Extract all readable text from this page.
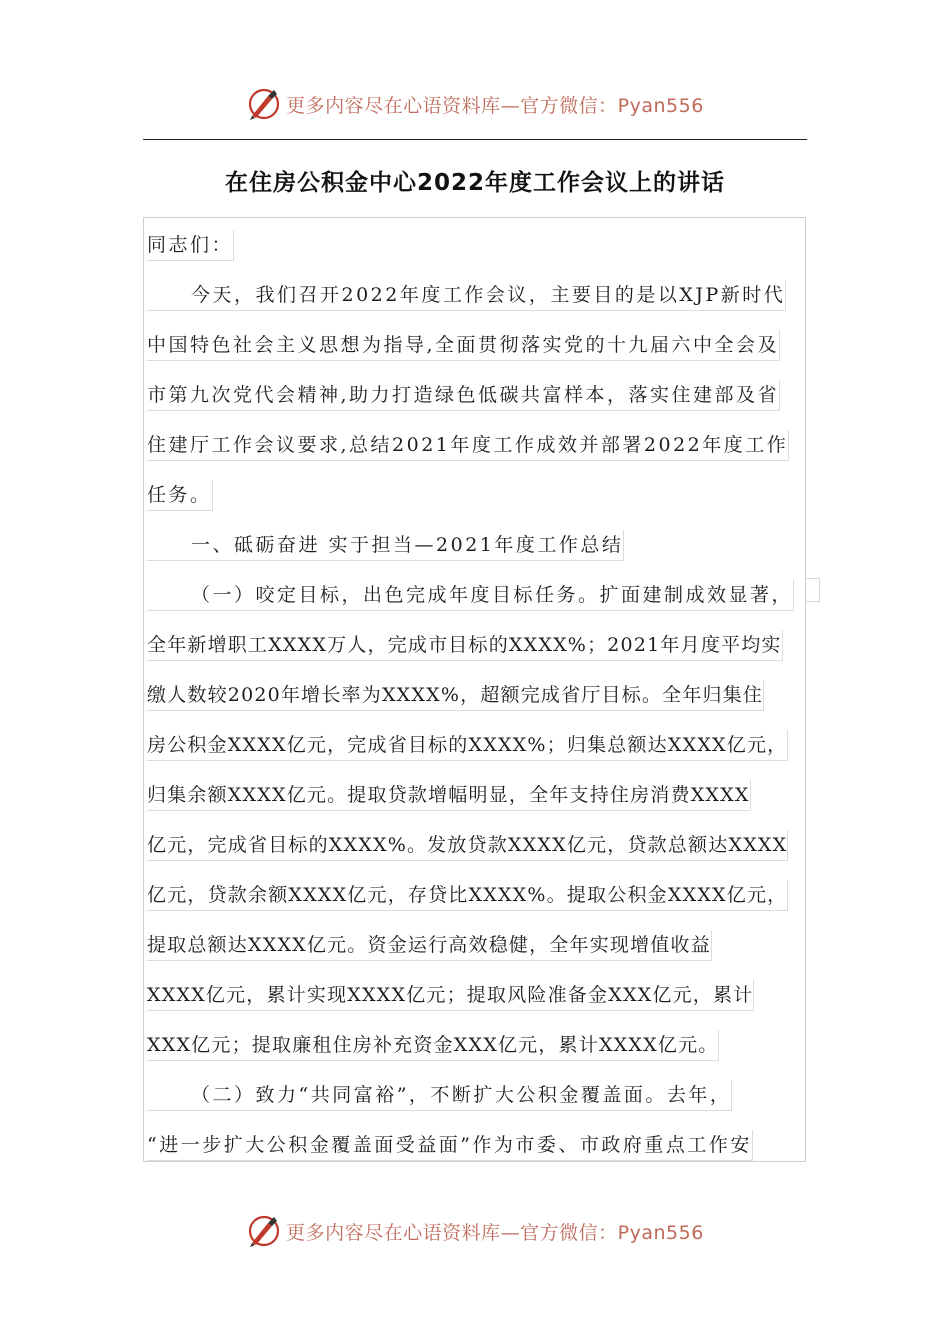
更多内容尽在心语资料库—官方微信：Pyan556
在住房公积金中心2022年度工作会议上的讲话
同志们：
今天，我们召开2022年度工作会议，主要目的是以XJP新时代
中国特色社会主义思想为指导,全面贯彻落实党的十九届六中全会及
市第九次党代会精神,助力打造绿色低碳共富样本，落实住建部及省
住建厅工作会议要求,总结2021年度工作成效并部署2022年度工作
任务。
一、砥砺奋进 实于担当—2021年度工作总结
（一）咬定目标，出色完成年度目标任务。扩面建制成效显著，
全年新增职工XXXX万人，完成市目标的XXXX%；2021年月度平均实
缴人数较2020年增长率为XXXX%，超额完成省厅目标。全年归集住
房公积金XXXX亿元，完成省目标的XXXX%；归集总额达XXXX亿元，
归集余额XXXX亿元。提取贷款增幅明显，全年支持住房消费XXXX
亿元，完成省目标的XXXX%。发放贷款XXXX亿元，贷款总额达XXXX
亿元，贷款余额XXXX亿元，存贷比XXXX%。提取公积金XXXX亿元，
提取总额达XXXX亿元。资金运行高效稳健，全年实现增值收益
XXXX亿元，累计实现XXXX亿元；提取风险准备金XXX亿元，累计
XXX亿元；提取廉租住房补充资金XXX亿元，累计XXXX亿元。
（二）致力“共同富裕”，不断扩大公积金覆盖面。去年，
“进一步扩大公积金覆盖面受益面”作为市委、市政府重点工作安
更多内容尽在心语资料库—官方微信：Pyan556
